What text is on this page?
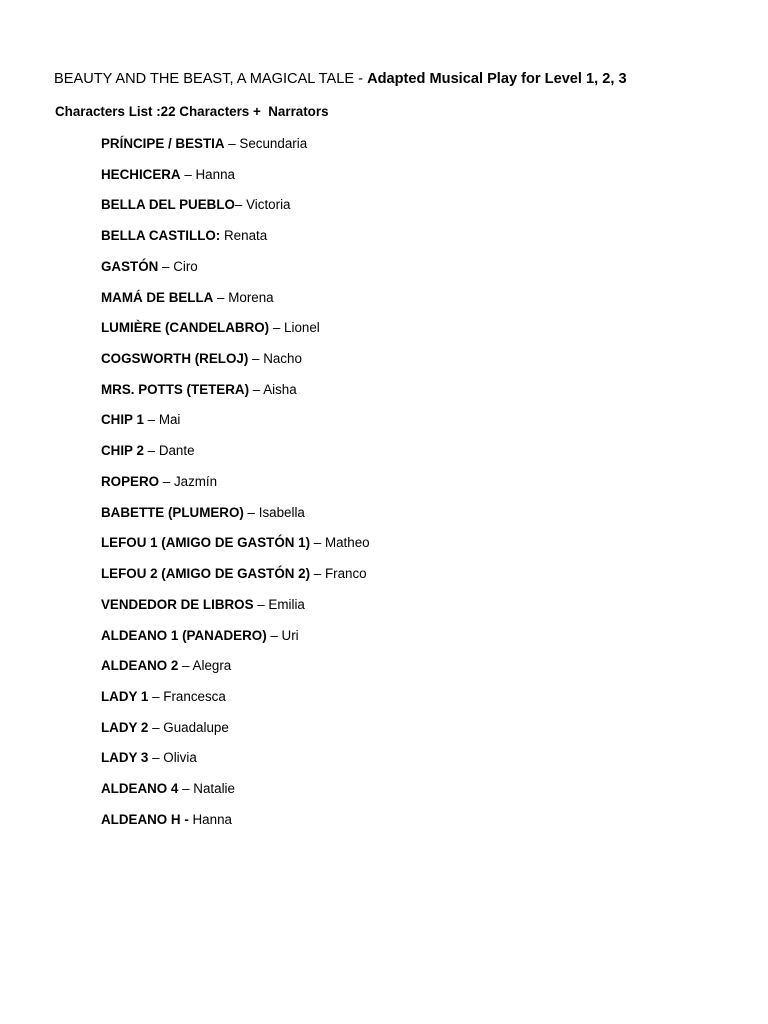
BEAUTY AND THE BEAST, A MAGICAL TALE - Adapted Musical Play for Level 1, 2, 3

Characters List :22 Characters +  Narrators

PRÍNCIPE / BESTIA – Secundaria
HECHICERA – Hanna
BELLA DEL PUEBLO– Victoria
BELLA CASTILLO: Renata
GASTÓN – Ciro
MAMÁ DE BELLA – Morena
LUMIÈRE (CANDELABRO) – Lionel
COGSWORTH (RELOJ) – Nacho
MRS. POTTS (TETERA) – Aisha
CHIP 1 – Mai
CHIP 2 – Dante
ROPERO – Jazmín
BABETTE (PLUMERO) – Isabella
LEFOU 1 (AMIGO DE GASTÓN 1) – Matheo
LEFOU 2 (AMIGO DE GASTÓN 2) – Franco
VENDEDOR DE LIBROS – Emilia
ALDEANO 1 (PANADERO) – Uri
ALDEANO 2 – Alegra
LADY 1 – Francesca
LADY 2 – Guadalupe
LADY 3 – Olivia
ALDEANO 4 – Natalie
ALDEANO H - Hanna
